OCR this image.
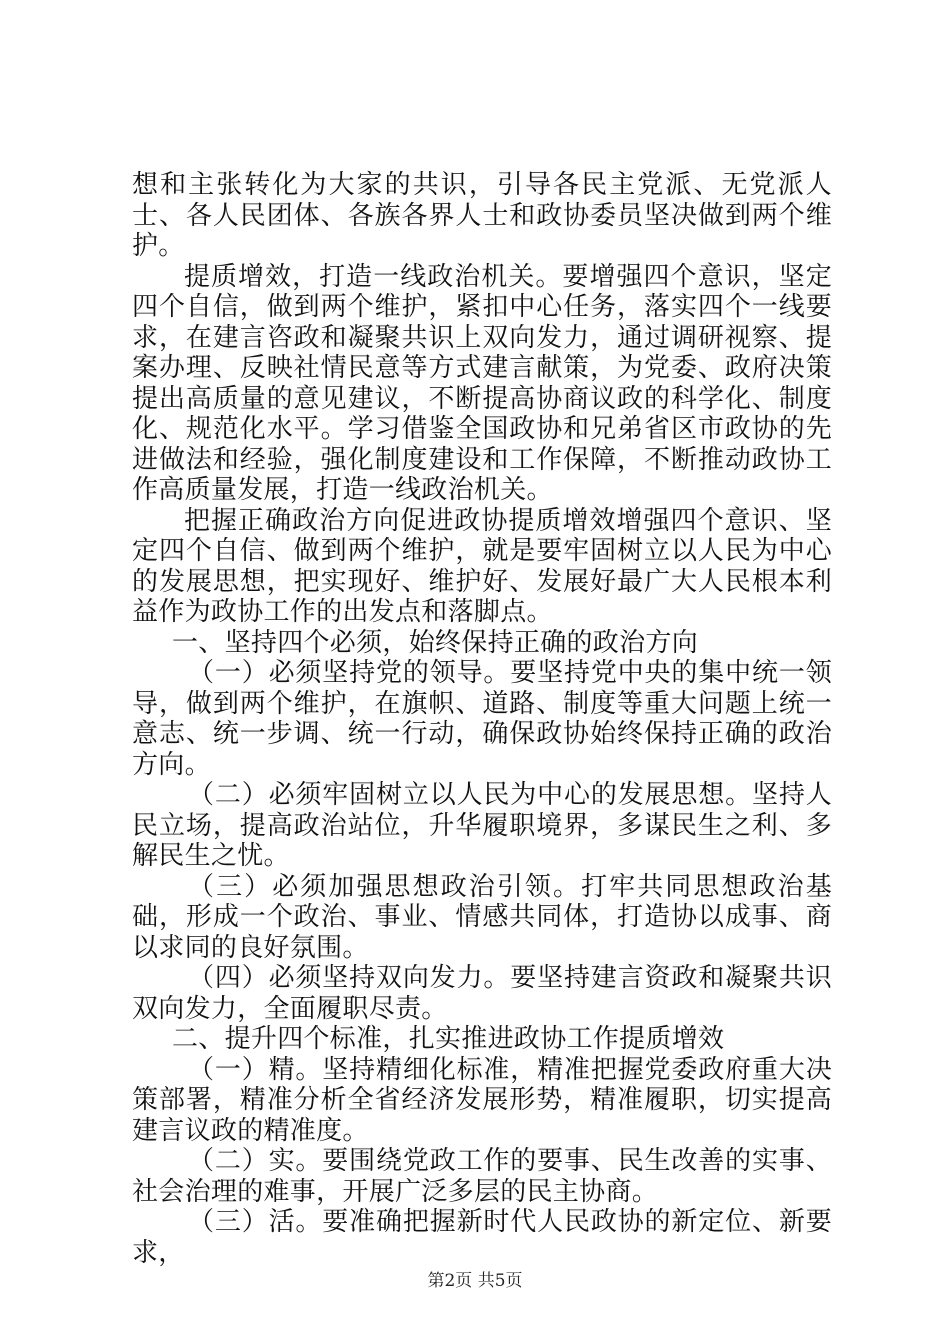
想和主张转化为大家的共识，引导各民主党派、无党派人士、各人民团体、各族各界人士和政协委员坚决做到两个维护。

提质增效，打造一线政治机关。要增强四个意识，坚定四个自信，做到两个维护，紧扣中心任务，落实四个一线要求，在建言咨政和凝聚共识上双向发力，通过调研视察、提案办理、反映社情民意等方式建言献策，为党委、政府决策提出高质量的意见建议，不断提高协商议政的科学化、制度化、规范化水平。学习借鉴全国政协和兄弟省区市政协的先进做法和经验，强化制度建设和工作保障，不断推动政协工作高质量发展，打造一线政治机关。

把握正确政治方向促进政协提质增效增强四个意识、坚定四个自信、做到两个维护，就是要牢固树立以人民为中心的发展思想，把实现好、维护好、发展好最广大人民根本利益作为政协工作的出发点和落脚点。

一、坚持四个必须，始终保持正确的政治方向

（一）必须坚持党的领导。要坚持党中央的集中统一领导，做到两个维护，在旗帜、道路、制度等重大问题上统一意志、统一步调、统一行动，确保政协始终保持正确的政治方向。

（二）必须牢固树立以人民为中心的发展思想。坚持人民立场，提高政治站位，升华履职境界，多谋民生之利、多解民生之忧。

（三）必须加强思想政治引领。打牢共同思想政治基础，形成一个政治、事业、情感共同体，打造协以成事、商以求同的良好氛围。

（四）必须坚持双向发力。要坚持建言资政和凝聚共识双向发力，全面履职尽责。

二、提升四个标准，扎实推进政协工作提质增效

（一）精。坚持精细化标准，精准把握党委政府重大决策部署，精准分析全省经济发展形势，精准履职，切实提高建言议政的精准度。

（二）实。要围绕党政工作的要事、民生改善的实事、社会治理的难事，开展广泛多层的民主协商。

（三）活。要准确把握新时代人民政协的新定位、新要求，

第2页 共5页
